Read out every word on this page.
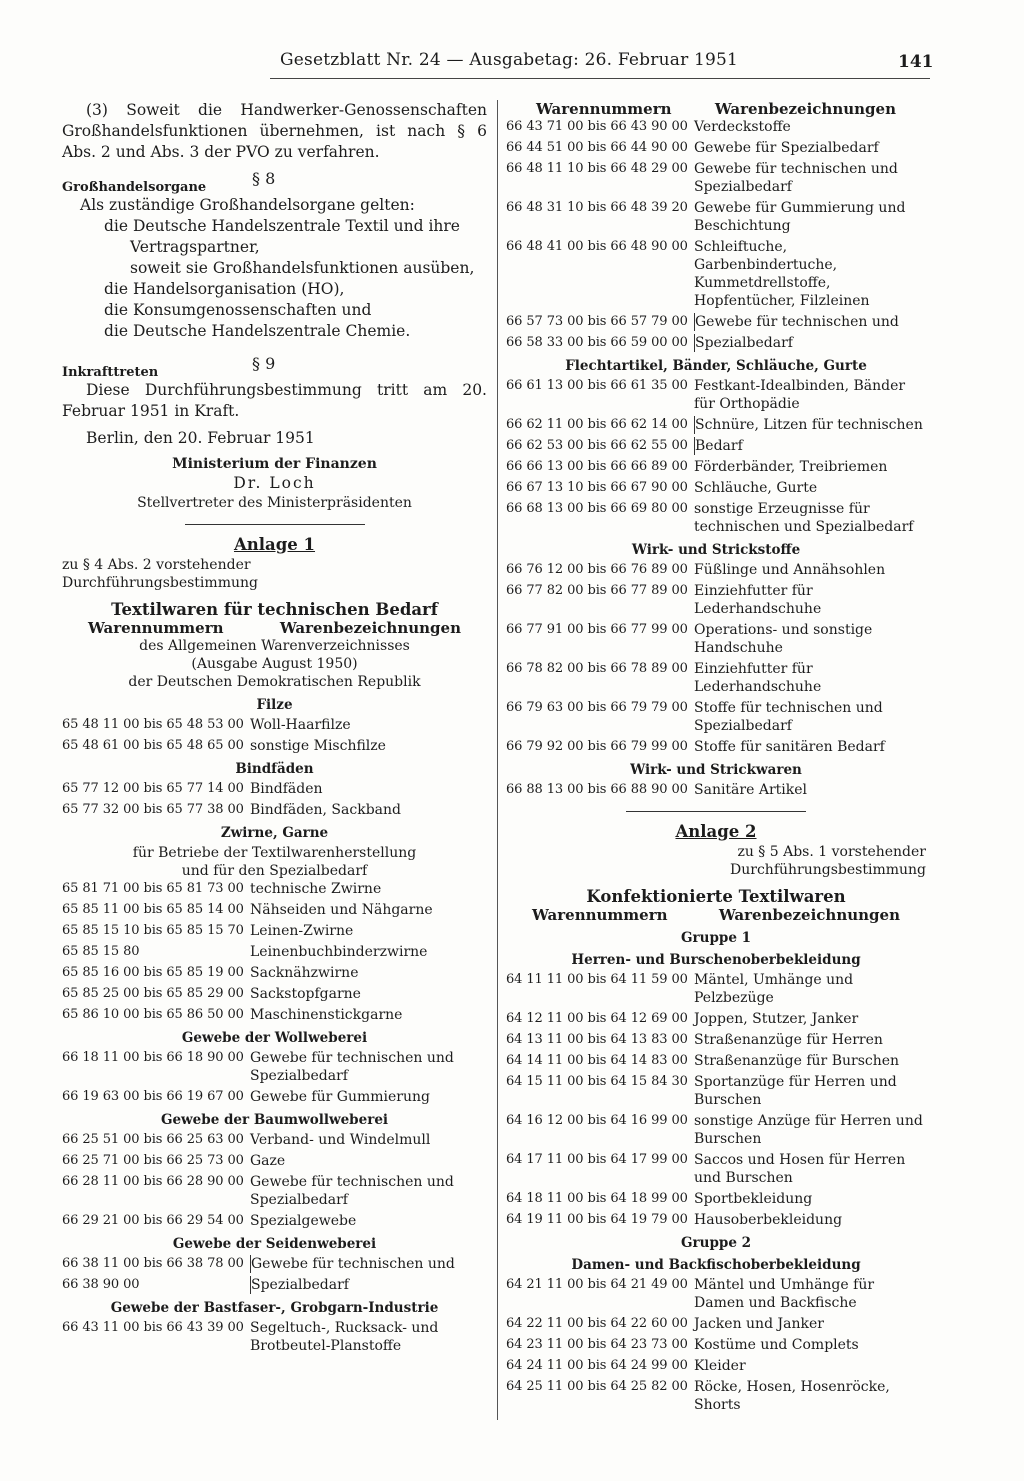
Gesetzblatt Nr. 24 — Ausgabetag: 26. Februar 1951	141

(3) Soweit die Handwerker-Genossenschaften Großhandelsfunktionen übernehmen, ist nach § 6 Abs. 2 und Abs. 3 der PVO zu verfahren.

Großhandelsorgane	§ 8

Als zuständige Großhandelsorgane gelten:

die Deutsche Handelszentrale Textil und ihre

Vertragspartner,

soweit sie Großhandelsfunktionen ausüben,

die Handelsorganisation (HO),

die Konsumgenossenschaften und

die Deutsche Handelszentrale Chemie.

Inkrafttreten	§ 9

Diese Durchführungsbestimmung tritt am 20. Februar 1951 in Kraft.

Berlin, den 20. Februar 1951

Ministerium der Finanzen

Dr. Loch

Stellvertreter des Ministerpräsidenten

Anlage 1

zu § 4 Abs. 2 vorstehender

Durchführungsbestimmung

Textilwaren für technischen Bedarf
Warennummern	Warenbezeichnungen

des Allgemeinen Warenverzeichnisses

(Ausgabe August 1950)

der Deutschen Demokratischen Republik

Filze
65 48 11 00 bis 65 48 53 00 Woll-Haarfilze
65 48 61 00 bis 65 48 65 00 sonstige Mischfilze
Bindfäden
65 77 12 00 bis 65 77 14 00 Bindfäden
65 77 32 00 bis 65 77 38 00 Bindfäden, Sackband
Zwirne, Garne

für Betriebe der Textilwarenherstellung

und für den Spezialbedarf

65 81 71 00 bis 65 81 73 00 technische Zwirne
65 85 11 00 bis 65 85 14 00 Nähseiden und Nähgarne
65 85 15 10 bis 65 85 15 70 Leinen-Zwirne
65 85 15 80	Leinenbuchbinderzwirne
65 85 16 00 bis 65 85 19 00 Sacknähzwirne
65 85 25 00 bis 65 85 29 00 Sackstopfgarne
65 86 10 00 bis 65 86 50 00 Maschinenstickgarne
Gewebe der Wollweberei
66 18 11 00 bis 66 18 90 00 Gewebe für technischen und Spezialbedarf
66 19 63 00 bis 66 19 67 00 Gewebe für Gummierung
Gewebe der Baumwollweberei
66 25 51 00 bis 66 25 63 00 Verband- und Windelmull
66 25 71 00 bis 66 25 73 00 Gaze
66 28 11 00 bis 66 28 90 00 Gewebe für technischen und Spezialbedarf
66 29 21 00 bis 66 29 54 00 Spezialgewebe
Gewebe der Seidenweberei
66 38 11 00 bis 66 38 78 00 Gewebe für technischen und
66 38 90 00	Spezialbedarf
Gewebe der Bastfaser-, Grobgarn-Industrie
66 43 11 00 bis 66 43 39 00 Segeltuch-, Rucksack- und Brotbeutel-Planstoffe
Warennummern	Warenbezeichnungen
66 43 71 00 bis 66 43 90 00 Verdeckstoffe
66 44 51 00 bis 66 44 90 00 Gewebe für Spezialbedarf
66 48 11 10 bis 66 48 29 00 Gewebe für technischen und Spezialbedarf
66 48 31 10 bis 66 48 39 20 Gewebe für Gummierung und Beschichtung
66 48 41 00 bis 66 48 90 00 Schleiftuche, Garbenbindertuche, Kummetdrellstoffe, Hopfentücher, Filzleinen
66 57 73 00 bis 66 57 79 00 Gewebe für technischen und
66 58 33 00 bis 66 59 00 00 Spezialbedarf
Flechtartikel, Bänder, Schläuche, Gurte
66 61 13 00 bis 66 61 35 00 Festkant-Idealbinden, Bänder für Orthopädie
66 62 11 00 bis 66 62 14 00 Schnüre, Litzen für technischen
66 62 53 00 bis 66 62 55 00 Bedarf
66 66 13 00 bis 66 66 89 00 Förderbänder, Treibriemen
66 67 13 10 bis 66 67 90 00 Schläuche, Gurte
66 68 13 00 bis 66 69 80 00 sonstige Erzeugnisse für technischen und Spezialbedarf
Wirk- und Strickstoffe
66 76 12 00 bis 66 76 89 00 Füßlinge und Annähsohlen
66 77 82 00 bis 66 77 89 00 Einziehfutter für Lederhandschuhe
66 77 91 00 bis 66 77 99 00 Operations- und sonstige Handschuhe
66 78 82 00 bis 66 78 89 00 Einziehfutter für Lederhandschuhe
66 79 63 00 bis 66 79 79 00 Stoffe für technischen und Spezialbedarf
66 79 92 00 bis 66 79 99 00 Stoffe für sanitären Bedarf
Wirk- und Strickwaren
66 88 13 00 bis 66 88 90 00 Sanitäre Artikel
Anlage 2

zu § 5 Abs. 1 vorstehender

Durchführungsbestimmung

Konfektionierte Textilwaren
Warennummern	Warenbezeichnungen
Gruppe 1
Herren- und Burschenoberbekleidung
64 11 11 00 bis 64 11 59 00 Mäntel, Umhänge und Pelzbezüge
64 12 11 00 bis 64 12 69 00 Joppen, Stutzer, Janker
64 13 11 00 bis 64 13 83 00 Straßenanzüge für Herren
64 14 11 00 bis 64 14 83 00 Straßenanzüge für Burschen
64 15 11 00 bis 64 15 84 30 Sportanzüge für Herren und Burschen
64 16 12 00 bis 64 16 99 00 sonstige Anzüge für Herren und Burschen
64 17 11 00 bis 64 17 99 00 Saccos und Hosen für Herren und Burschen
64 18 11 00 bis 64 18 99 00 Sportbekleidung
64 19 11 00 bis 64 19 79 00 Hausoberbekleidung
Gruppe 2
Damen- und Backfischoberbekleidung
64 21 11 00 bis 64 21 49 00 Mäntel und Umhänge für Damen und Backfische
64 22 11 00 bis 64 22 60 00 Jacken und Janker
64 23 11 00 bis 64 23 73 00 Kostüme und Complets
64 24 11 00 bis 64 24 99 00 Kleider
64 25 11 00 bis 64 25 82 00 Röcke, Hosen, Hosenröcke, Shorts
